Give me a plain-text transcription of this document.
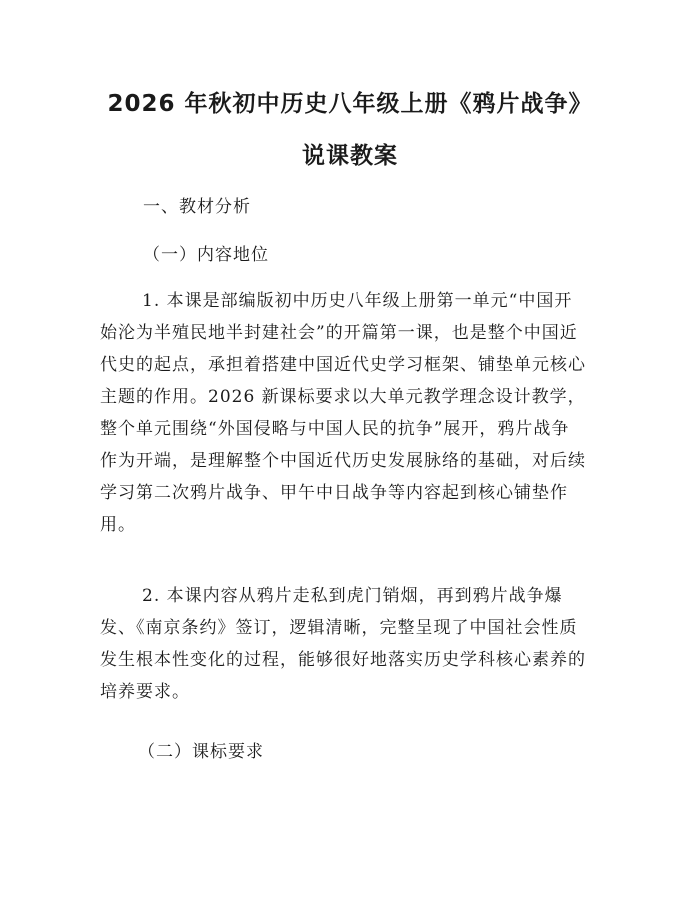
2026 年秋初中历史八年级上册《鸦片战争》
说课教案

一、教材分析

（一）内容地位

1. 本课是部编版初中历史八年级上册第一单元“中国开
始沦为半殖民地半封建社会”的开篇第一课，也是整个中国近
代史的起点，承担着搭建中国近代史学习框架、铺垫单元核心
主题的作用。2026 新课标要求以大单元教学理念设计教学，
整个单元围绕“外国侵略与中国人民的抗争”展开，鸦片战争
作为开端，是理解整个中国近代历史发展脉络的基础，对后续
学习第二次鸦片战争、甲午中日战争等内容起到核心铺垫作
用。
2. 本课内容从鸦片走私到虎门销烟，再到鸦片战争爆
发、《南京条约》签订，逻辑清晰，完整呈现了中国社会性质
发生根本性变化的过程，能够很好地落实历史学科核心素养的
培养要求。

（二）课标要求
